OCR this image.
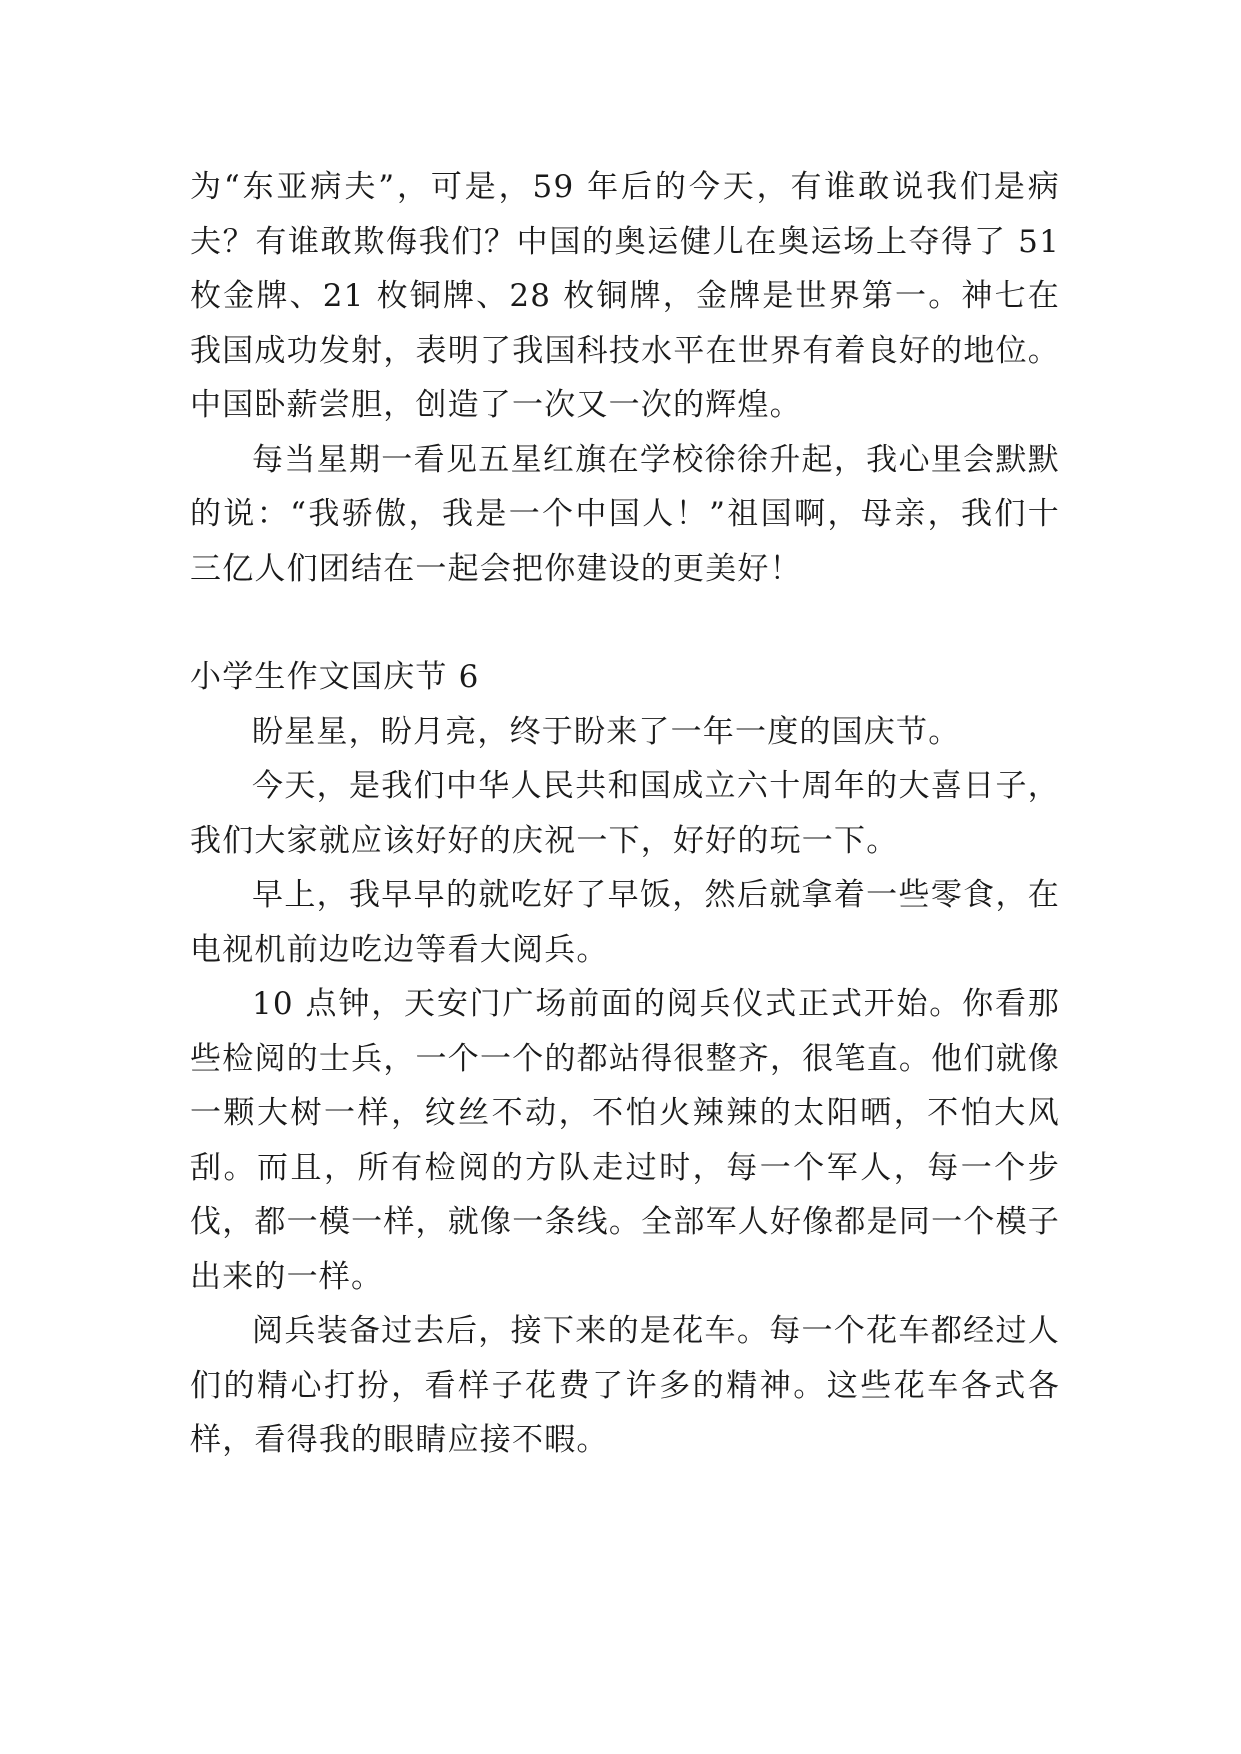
为“东亚病夫”，可是，59 年后的今天，有谁敢说我们是病夫？有谁敢欺侮我们？中国的奥运健儿在奥运场上夺得了 51 枚金牌、21 枚铜牌、28 枚铜牌，金牌是世界第一。神七在我国成功发射，表明了我国科技水平在世界有着良好的地位。中国卧薪尝胆，创造了一次又一次的辉煌。

每当星期一看见五星红旗在学校徐徐升起，我心里会默默的说：“我骄傲，我是一个中国人！”祖国啊，母亲，我们十三亿人们团结在一起会把你建设的更美好！

小学生作文国庆节 6

盼星星，盼月亮，终于盼来了一年一度的国庆节。

今天，是我们中华人民共和国成立六十周年的大喜日子，我们大家就应该好好的庆祝一下，好好的玩一下。

早上，我早早的就吃好了早饭，然后就拿着一些零食，在电视机前边吃边等看大阅兵。

10 点钟，天安门广场前面的阅兵仪式正式开始。你看那些检阅的士兵，一个一个的都站得很整齐，很笔直。他们就像一颗大树一样，纹丝不动，不怕火辣辣的太阳晒，不怕大风刮。而且，所有检阅的方队走过时，每一个军人，每一个步伐，都一模一样，就像一条线。全部军人好像都是同一个模子出来的一样。

阅兵装备过去后，接下来的是花车。每一个花车都经过人们的精心打扮，看样子花费了许多的精神。这些花车各式各样，看得我的眼睛应接不暇。
